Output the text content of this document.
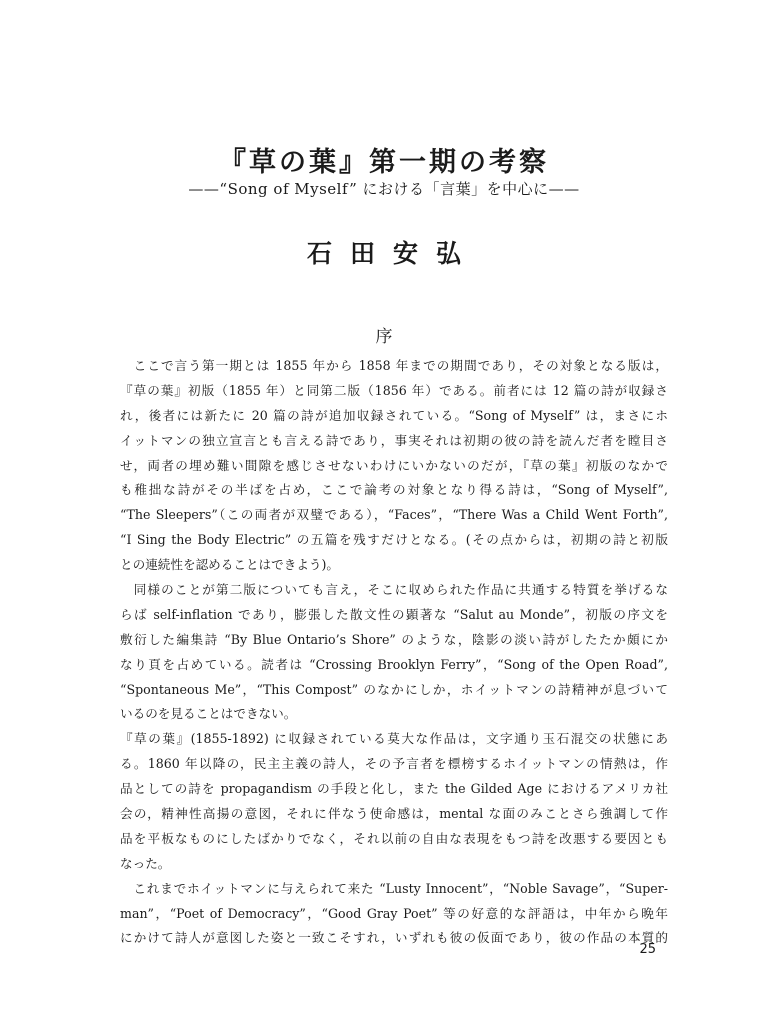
『草の葉』第一期の考察
——“Song of Myself” における「言葉」を中心に——
石田安弘
序
　ここで言う第一期とは 1855 年から 1858 年までの期間であり，その対象となる版は，
『草の葉』初版（1855 年）と同第二版（1856 年）である。前者には 12 篇の詩が収録さ
れ，後者には新たに 20 篇の詩が追加収録されている。“Song of Myself” は，まさにホ
イットマンの独立宣言とも言える詩であり，事実それは初期の彼の詩を読んだ者を瞠目さ
せ，両者の埋め難い間隙を感じさせないわけにいかないのだが，『草の葉』初版のなかで
も稚拙な詩がその半ばを占め，ここで論考の対象となり得る詩は，“Song of Myself”,
“The Sleepers”（この両者が双璧である），“Faces”，“There Was a Child Went Forth”,
“I Sing the Body Electric” の五篇を残すだけとなる。(その点からは，初期の詩と初版
との連続性を認めることはできよう)。
　同様のことが第二版についても言え，そこに収められた作品に共通する特質を挙げるな
らば self-inflation であり，膨張した散文性の顕著な “Salut au Monde”，初版の序文を
敷衍した編集詩 “By Blue Ontario’s Shore” のような，陰影の淡い詩がしたたか頗にか
なり頁を占めている。読者は “Crossing Brooklyn Ferry”，“Song of the Open Road”,
“Spontaneous Me”，“This Compost” のなかにしか，ホイットマンの詩精神が息づいて
いるのを見ることはできない。
『草の葉』(1855-1892) に収録されている莫大な作品は，文字通り玉石混交の状態にあ
る。1860 年以降の，民主主義の詩人，その予言者を標榜するホイットマンの情熱は，作
品としての詩を propagandism の手段と化し，また the Gilded Age におけるアメリカ社
会の，精神性高揚の意図，それに伴なう使命感は，mental な面のみことさら強調して作
品を平板なものにしたばかりでなく，それ以前の自由な表現をもつ詩を改悪する要因とも
なった。
　これまでホイットマンに与えられて来た “Lusty Innocent”，“Noble Savage”，“Super-
man”，“Poet of Democracy”，“Good Gray Poet” 等の好意的な評語は，中年から晩年
にかけて詩人が意図した姿と一致こそすれ，いずれも彼の仮面であり，彼の作品の本質的
25
